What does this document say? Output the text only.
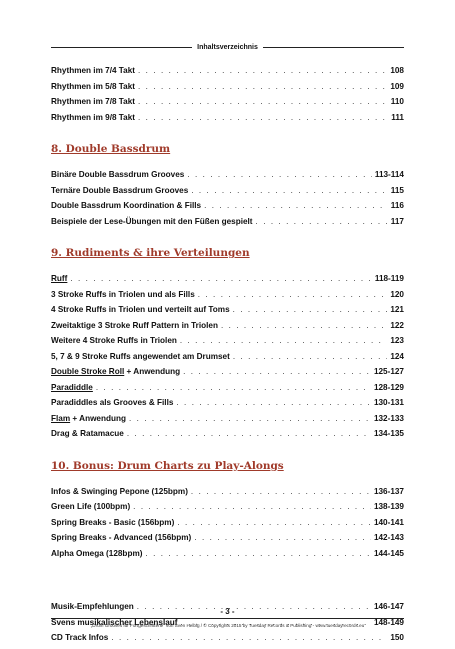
Inhaltsverzeichnis
Rhythmen im 7/4 Takt . . .	108
Rhythmen im 5/8 Takt . . .	109
Rhythmen im 7/8 Takt . . .	110
Rhythmen im 9/8 Takt . . .	111
8. Double Bassdrum
Binäre Double Bassdrum Grooves . . .	113-114
Ternäre Double Bassdrum Grooves . . .	115
Double Bassdrum Koordination & Fills . . .	116
Beispiele der Lese-Übungen mit den Füßen gespielt . . .	117
9. Rudiments & ihre Verteilungen
Ruff . . .	118-119
3 Stroke Ruffs in Triolen und als Fills . . .	120
4 Stroke Ruffs in Triolen und verteilt auf Toms . . .	121
Zweitaktige 3 Stroke Ruff Pattern in Triolen . . .	122
Weitere 4 Stroke Ruffs in Triolen . . .	123
5, 7 & 9 Stroke Ruffs angewendet am Drumset . . .	124
Double Stroke Roll + Anwendung . . .	125-127
Paradiddle . . .	128-129
Paradiddles als Grooves & Fills . . .	130-131
Flam + Anwendung . . .	132-133
Drag & Ratamacue . . .	134-135
10. Bonus: Drum Charts zu Play-Alongs
Infos & Swinging Pepone (125bpm) . . .	136-137
Green Life (100bpm) . . .	138-139
Spring Breaks - Basic (156bpm) . . .	140-141
Spring Breaks - Advanced (156bpm) . . .	142-143
Alpha Omega (128bpm) . . .	144-145
Musik-Empfehlungen . . .	146-147
Svens musikalischer Lebenslauf . . .	148-149
CD Track Infos . . .	150
- 3 -
„Drum Grooves für Fortgeschrittene“ von Sven Helbig / © Copyrights 2015 by Tuesday Records & Publishing - www.tuesdayrecords.eu
